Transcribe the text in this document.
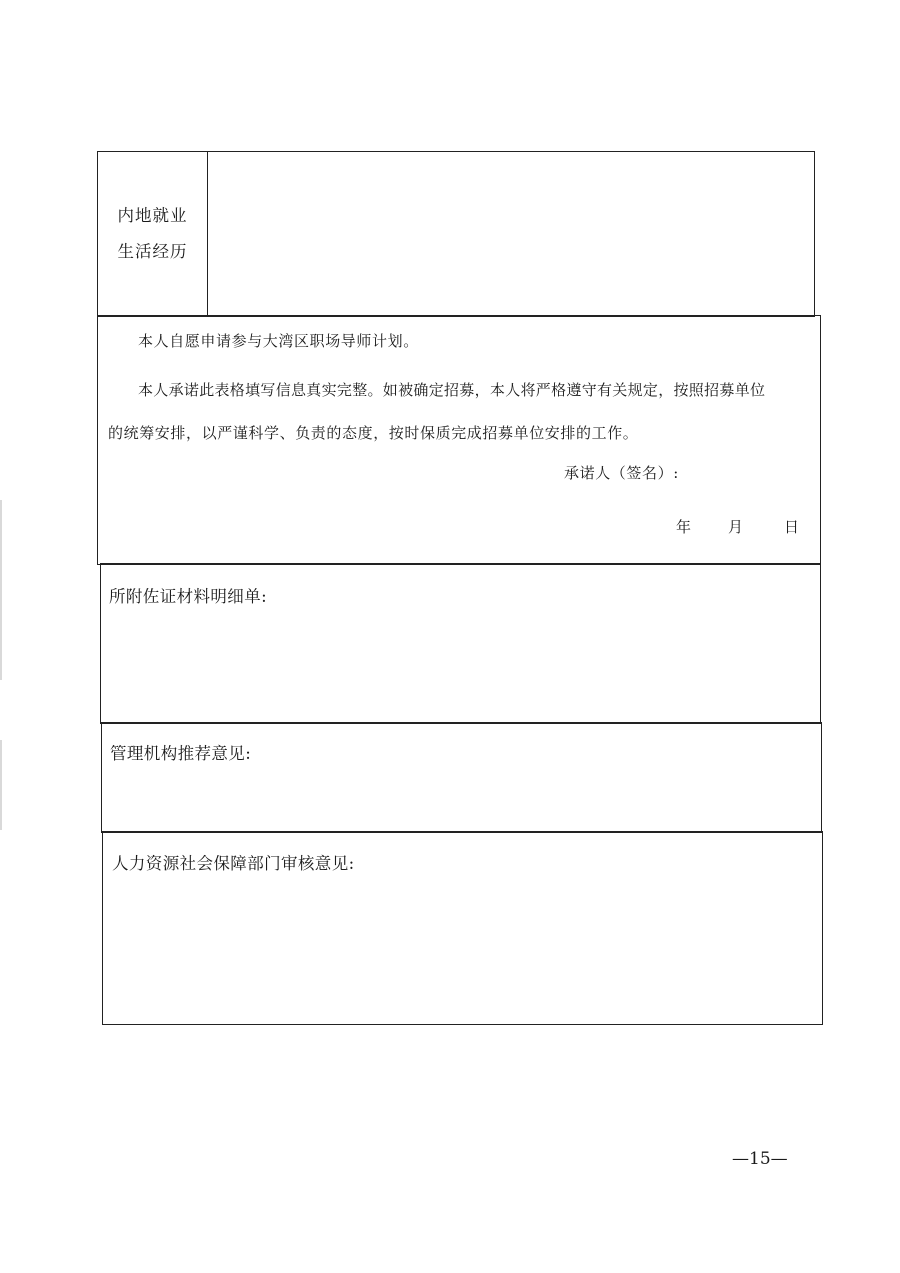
内地就业
生活经历
本人自愿申请参与大湾区职场导师计划。
本人承诺此表格填写信息真实完整。如被确定招募，本人将严格遵守有关规定，按照招募单位
的统筹安排，以严谨科学、负责的态度，按时保质完成招募单位安排的工作。
承诺人（签名）:
年 月	日
所附佐证材料明细单:
管理机构推荐意见:
人力资源社会保障部门审核意见:
—15—
